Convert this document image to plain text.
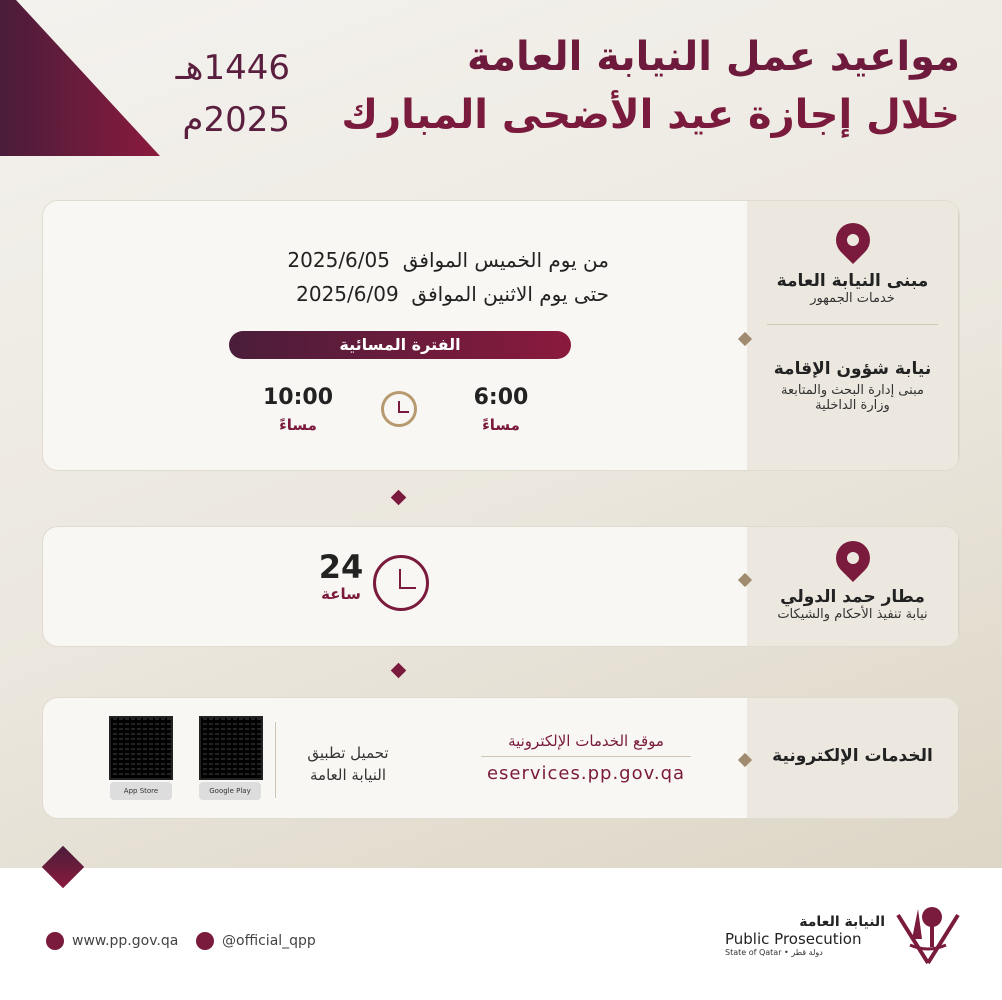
مواعيد عمل النيابة العامة
خلال إجازة عيد الأضحى المبارك
1446هـ
2025م
مبنى النيابة العامة
خدمات الجمهور
نيابة شؤون الإقامة
مبنى إدارة البحث والمتابعة
وزارة الداخلية
من يوم الخميس الموافق  2025/6/05
حتى يوم الاثنين الموافق  2025/6/09
الفترة المسائية
6:00
مساءً
10:00
مساءً
مطار حمد الدولي
نيابة تنفيذ الأحكام والشيكات
24
ساعة
الخدمات الإلكترونية
موقع الخدمات الإلكترونية
eservices.pp.gov.qa
تحميل تطبيق
النيابة العامة
Google Play
App Store
www.pp.gov.qa	@official_qpp
النيابة العامة
Public Prosecution
State of Qatar • دولة قطر
